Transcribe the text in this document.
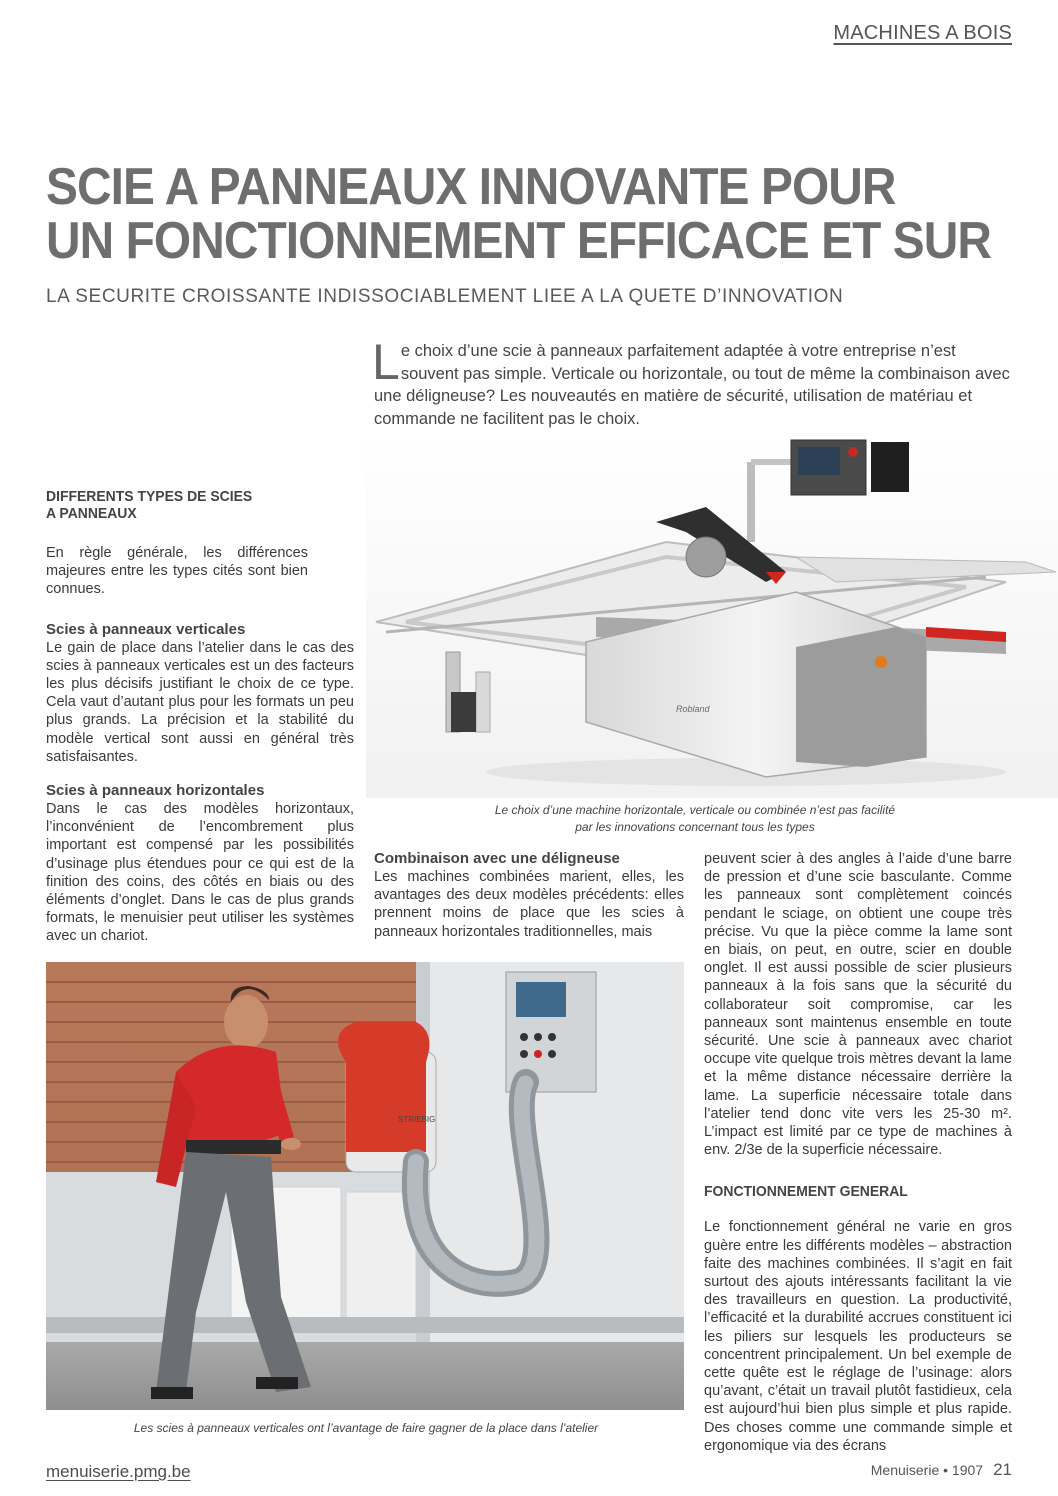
MACHINES A BOIS
SCIE A PANNEAUX INNOVANTE POUR
UN FONCTIONNEMENT EFFICACE ET SUR
LA SECURITE CROISSANTE INDISSOCIABLEMENT LIEE A LA QUETE D’INNOVATION
Le choix d’une scie à panneaux parfaitement adaptée à votre entreprise n’est souvent pas simple. Verticale ou horizontale, ou tout de même la combinaison avec une déligneuse? Les nouveautés en matière de sécurité, utilisation de matériau et commande ne facilitent pas le choix.
Robland
Le choix d’une machine horizontale, verticale ou combinée n’est pas facilité
par les innovations concernant tous les types
DIFFERENTS TYPES DE SCIES
A PANNEAUX

En règle générale, les différences majeures entre les types cités sont bien connues.

Scies à panneaux verticales

Le gain de place dans l’atelier dans le cas des scies à panneaux verticales est un des facteurs les plus décisifs justifiant le choix de ce type. Cela vaut d’autant plus pour les formats un peu plus grands. La précision et la stabilité du modèle vertical sont aussi en général très satisfaisantes.

Scies à panneaux horizontales

Dans le cas des modèles horizontaux, l’inconvénient de l’encombrement plus important est compensé par les possibilités d’usinage plus étendues pour ce qui est de la finition des coins, des côtés en biais ou des éléments d’onglet. Dans le cas de plus grands formats, le menuisier peut utiliser les systèmes avec un chariot.

Combinaison avec une déligneuse

Les machines combinées marient, elles, les avantages des deux modèles précédents: elles prennent moins de place que les scies à panneaux horizontales traditionnelles, mais

peuvent scier à des angles à l’aide d’une barre de pression et d’une scie basculante. Comme les panneaux sont complètement coincés pendant le sciage, on obtient une coupe très précise. Vu que la pièce comme la lame sont en biais, on peut, en outre, scier en double onglet. Il est aussi possible de scier plusieurs panneaux à la fois sans que la sécurité du collaborateur soit compromise, car les panneaux sont maintenus ensemble en toute sécurité. Une scie à panneaux avec chariot occupe vite quelque trois mètres devant la lame et la même distance nécessaire derrière la lame. La superficie nécessaire totale dans l’atelier tend donc vite vers les 25-30 m². L’impact est limité par ce type de machines à env. 2/3e de la superficie nécessaire.

FONCTIONNEMENT GENERAL

Le fonctionnement général ne varie en gros guère entre les différents modèles – abstraction faite des machines combinées. Il s’agit en fait surtout des ajouts intéressants facilitant la vie des travailleurs en question. La productivité, l’efficacité et la durabilité accrues constituent ici les piliers sur lesquels les producteurs se concentrent principalement. Un bel exemple de cette quête est le réglage de l’usinage: alors qu’avant, c’était un travail plutôt fastidieux, cela est aujourd’hui bien plus simple et plus rapide. Des choses comme une commande simple et ergonomique via des écrans

STRIEBIG
Les scies à panneaux verticales ont l’avantage de faire gagner de la place dans l’atelier
menuiserie.pmg.be	Menuiserie • 1907 21
